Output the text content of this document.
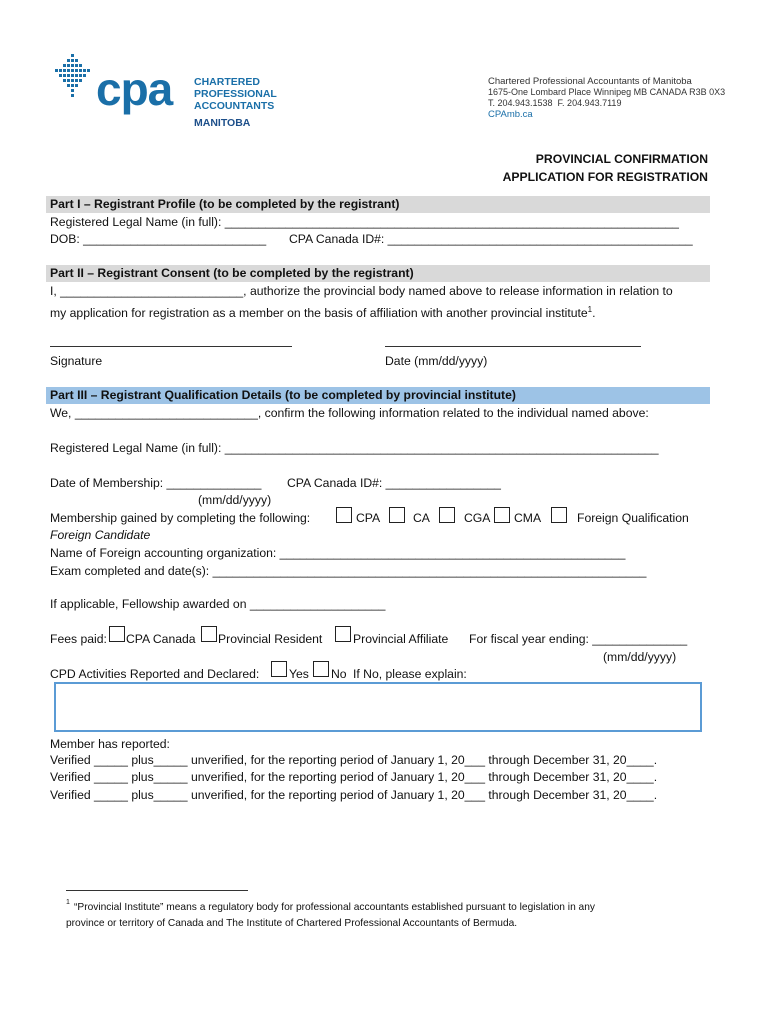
cpa CHARTERED
PROFESSIONAL
ACCOUNTANTS
MANITOBA
Chartered Professional Accountants of Manitoba
1675-One Lombard Place Winnipeg MB CANADA R3B 0X3
T. 204.943.1538  F. 204.943.7119
CPAmb.ca
PROVINCIAL CONFIRMATION
APPLICATION FOR REGISTRATION
Part I – Registrant Profile (to be completed by the registrant)
Registered Legal Name (in full): ___________________________________________________________________
DOB: ___________________________ CPA Canada ID#: _____________________________________________
Part II – Registrant Consent (to be completed by the registrant)
I, ___________________________, authorize the provincial body named above to release information in relation to
my application for registration as a member on the basis of affiliation with another provincial institute$^1$.
Signature	Date (mm/dd/yyyy)
Part III – Registrant Qualification Details (to be completed by provincial institute)
We, ___________________________, confirm the following information related to the individual named above:
Registered Legal Name (in full): ________________________________________________________________
Date of Membership: ______________ CPA Canada ID#: _________________
(mm/dd/yyyy)
Membership gained by completing the following:	CPA	CA	CGA CMA	Foreign Qualification
Foreign Candidate
Name of Foreign accounting organization: ___________________________________________________
Exam completed and date(s): ________________________________________________________________
If applicable, Fellowship awarded on ____________________
Fees paid: CPA Canada Provincial Resident	Provincial Affiliate For fiscal year ending: ______________
(mm/dd/yyyy)
CPD Activities Reported and Declared: Yes No If No, please explain:
Member has reported:
Verified _____ plus_____ unverified, for the reporting period of January 1, 20___ through December 31, 20____.
Verified _____ plus_____ unverified, for the reporting period of January 1, 20___ through December 31, 20____.
Verified _____ plus_____ unverified, for the reporting period of January 1, 20___ through December 31, 20____.
1 “Provincial Institute” means a regulatory body for professional accountants established pursuant to legislation in any
province or territory of Canada and The Institute of Chartered Professional Accountants of Bermuda.
